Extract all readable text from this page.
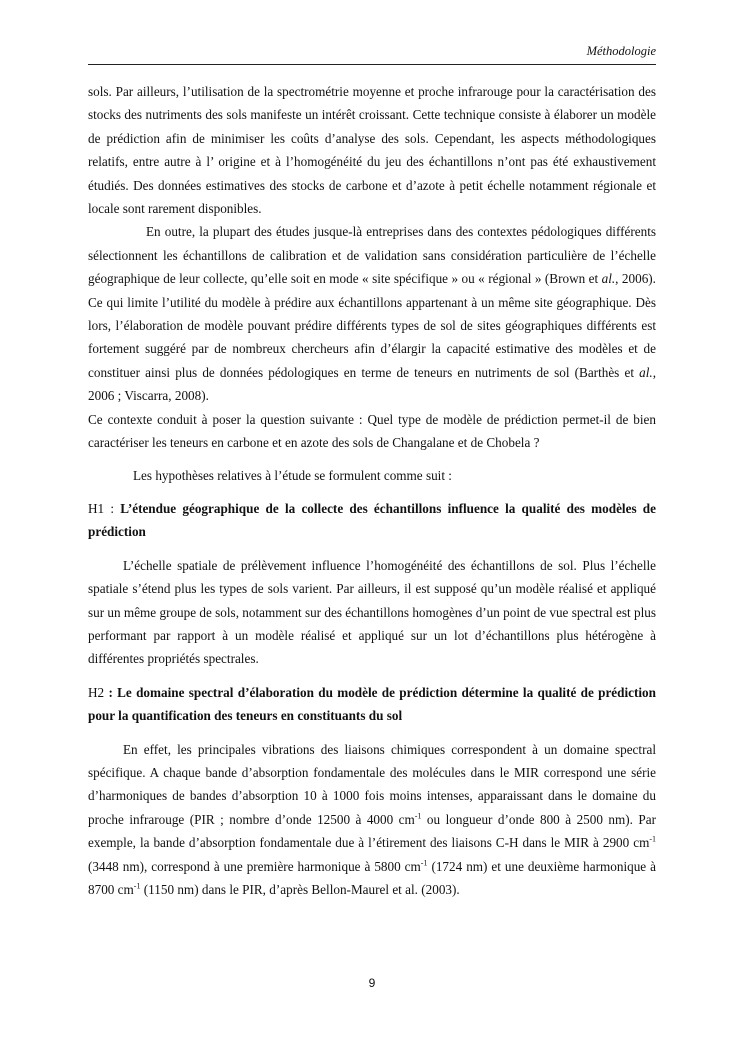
Méthodologie

sols. Par ailleurs, l’utilisation de la spectrométrie moyenne et proche infrarouge pour la caractérisation des stocks des nutriments des sols manifeste un intérêt croissant. Cette technique consiste à élaborer un modèle de prédiction afin de minimiser les coûts d’analyse des sols. Cependant, les aspects méthodologiques relatifs, entre autre à l’ origine et à l’homogénéité du jeu des échantillons n’ont pas été exhaustivement étudiés. Des données estimatives des stocks de carbone et d’azote à petit échelle notamment régionale et locale sont rarement disponibles.

En outre, la plupart des études jusque-là entreprises dans des contextes pédologiques différents sélectionnent les échantillons de calibration et de validation sans considération particulière de l’échelle géographique de leur collecte, qu’elle soit en mode « site spécifique » ou « régional » (Brown et al., 2006). Ce qui limite l’utilité du modèle à prédire aux échantillons appartenant à un même site géographique. Dès lors, l’élaboration de modèle pouvant prédire différents types de sol de sites géographiques différents est fortement suggéré par de nombreux chercheurs afin d’élargir la capacité estimative des modèles et de constituer ainsi plus de données pédologiques en terme de teneurs en nutriments de sol (Barthès et al., 2006 ; Viscarra, 2008).

Ce contexte conduit à poser la question suivante : Quel type de modèle de prédiction permet-il de bien caractériser les teneurs en carbone et en azote des sols de Changalane et de Chobela ?

Les hypothèses relatives à l’étude se formulent comme suit :

H1 : L’étendue géographique de la collecte des échantillons influence la qualité des modèles de prédiction

L’échelle spatiale de prélèvement influence l’homogénéité des échantillons de sol. Plus l’échelle spatiale s’étend plus les types de sols varient. Par ailleurs, il est supposé qu’un modèle réalisé et appliqué sur un même groupe de sols, notamment sur des échantillons homogènes d’un point de vue spectral est plus performant par rapport à un modèle réalisé et appliqué sur un lot d’échantillons plus hétérogène à différentes propriétés spectrales.

H2 : Le domaine spectral d’élaboration du modèle de prédiction détermine la qualité de prédiction pour la quantification des teneurs en constituants du sol

En effet, les principales vibrations des liaisons chimiques correspondent à un domaine spectral spécifique. A chaque bande d’absorption fondamentale des molécules dans le MIR correspond une série d’harmoniques de bandes d’absorption 10 à 1000 fois moins intenses, apparaissant dans le domaine du proche infrarouge (PIR ; nombre d’onde 12500 à 4000 $cm^{-1}$ ou longueur d’onde 800 à 2500 nm). Par exemple, la bande d’absorption fondamentale due à l’étirement des liaisons C-H dans le MIR à 2900 $cm^{-1}$ (3448 nm), correspond à une première harmonique à 5800 $cm^{-1}$ (1724 nm) et une deuxième harmonique à 8700 $cm^{-1}$ (1150 nm) dans le PIR, d’après Bellon-Maurel et al. (2003).

9
